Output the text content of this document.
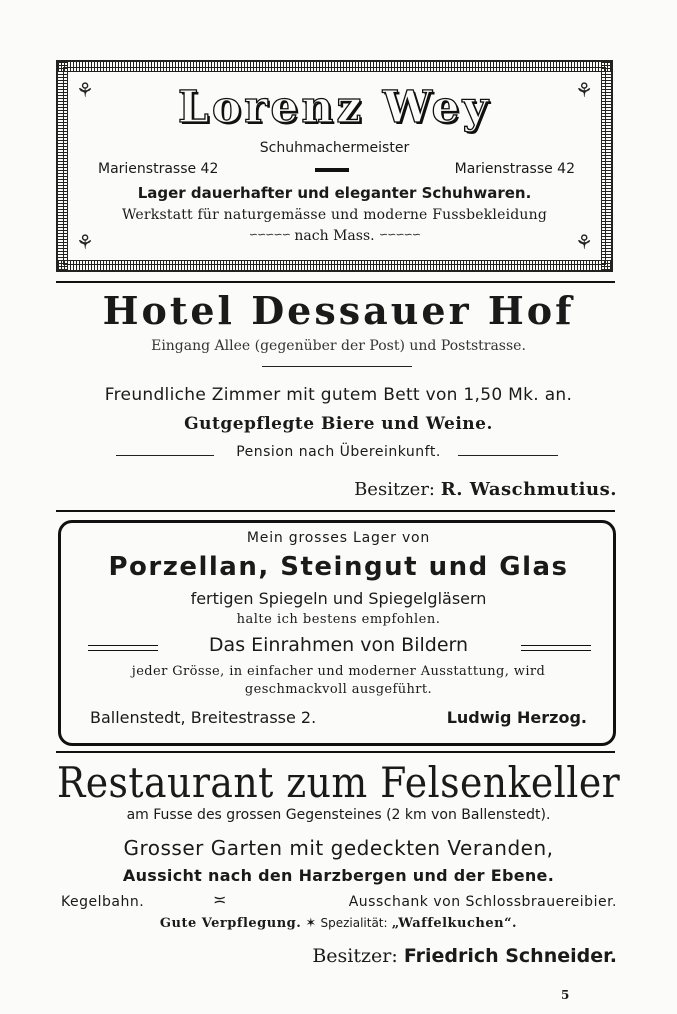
⚘	⚘
⚘	⚘
Lorenz Wey
Schuhmachermeister
Marienstrasse 42	Marienstrasse 42
Lager dauerhafter und eleganter Schuhwaren.
Werkstatt für naturgemässe und moderne Fussbekleidung
∽∽∽∽∽ nach Mass. ∽∽∽∽∽
Hotel Dessauer Hof
Eingang Allee (gegenüber der Post) und Poststrasse.
Freundliche Zimmer mit gutem Bett von 1,50 Mk. an.
Gutgepflegte Biere und Weine.
Pension nach Übereinkunft.
Besitzer: R. Waschmutius.
Mein grosses Lager von
Porzellan, Steingut und Glas
fertigen Spiegeln und Spiegelgläsern
halte ich bestens empfohlen.
Das Einrahmen von Bildern
jeder Grösse, in einfacher und moderner Ausstattung, wird
geschmackvoll ausgeführt.
Ballenstedt, Breitestrasse 2.	Ludwig Herzog.
Restaurant zum Felsenkeller
am Fusse des grossen Gegensteines (2 km von Ballenstedt).
Grosser Garten mit gedeckten Veranden,
Aussicht nach den Harzbergen und der Ebene.
Kegelbahn.	≍	Ausschank von Schlossbrauereibier.
Gute Verpflegung. ✶ Spezialität: „Waffelkuchen“.
Besitzer: Friedrich Schneider.
5
